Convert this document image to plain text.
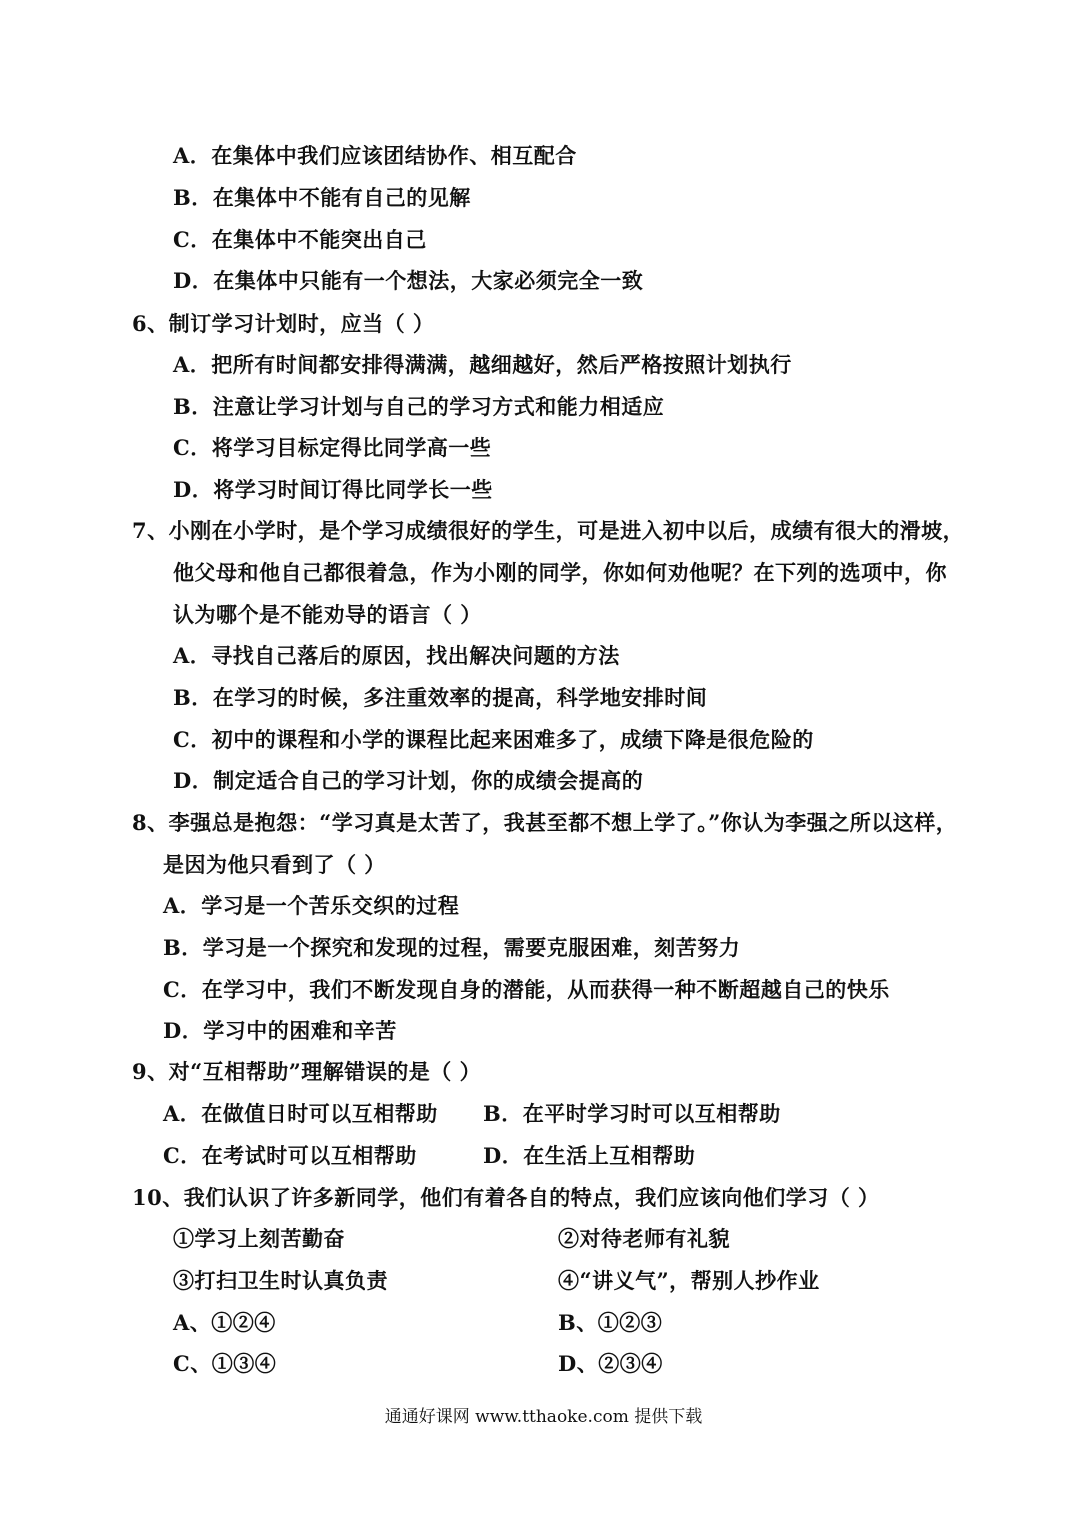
A．在集体中我们应该团结协作、相互配合
B．在集体中不能有自己的见解
C．在集体中不能突出自己
D．在集体中只能有一个想法，大家必须完全一致
6、制订学习计划时，应当（ ）
A．把所有时间都安排得满满，越细越好，然后严格按照计划执行
B．注意让学习计划与自己的学习方式和能力相适应
C．将学习目标定得比同学高一些
D．将学习时间订得比同学长一些
7、小刚在小学时，是个学习成绩很好的学生，可是进入初中以后，成绩有很大的滑坡，
他父母和他自己都很着急，作为小刚的同学，你如何劝他呢？在下列的选项中，你
认为哪个是不能劝导的语言（ ）
A．寻找自己落后的原因，找出解决问题的方法
B．在学习的时候，多注重效率的提高，科学地安排时间
C．初中的课程和小学的课程比起来困难多了，成绩下降是很危险的
D．制定适合自己的学习计划，你的成绩会提高的
8、李强总是抱怨：“学习真是太苦了，我甚至都不想上学了。”你认为李强之所以这样，
是因为他只看到了（ ）
A．学习是一个苦乐交织的过程
B．学习是一个探究和发现的过程，需要克服困难，刻苦努力
C．在学习中，我们不断发现自身的潜能，从而获得一种不断超越自己的快乐
D．学习中的困难和辛苦
9、对“互相帮助”理解错误的是（ ）
A．在做值日时可以互相帮助 B．在平时学习时可以互相帮助
C．在考试时可以互相帮助	D．在生活上互相帮助
10、我们认识了许多新同学，他们有着各自的特点，我们应该向他们学习（ ）
①学习上刻苦勤奋	②对待老师有礼貌
③打扫卫生时认真负责	④“讲义气”，帮别人抄作业
A、①②④	B、①②③
C、①③④	D、②③④
通通好课网 www.tthaoke.com 提供下载
